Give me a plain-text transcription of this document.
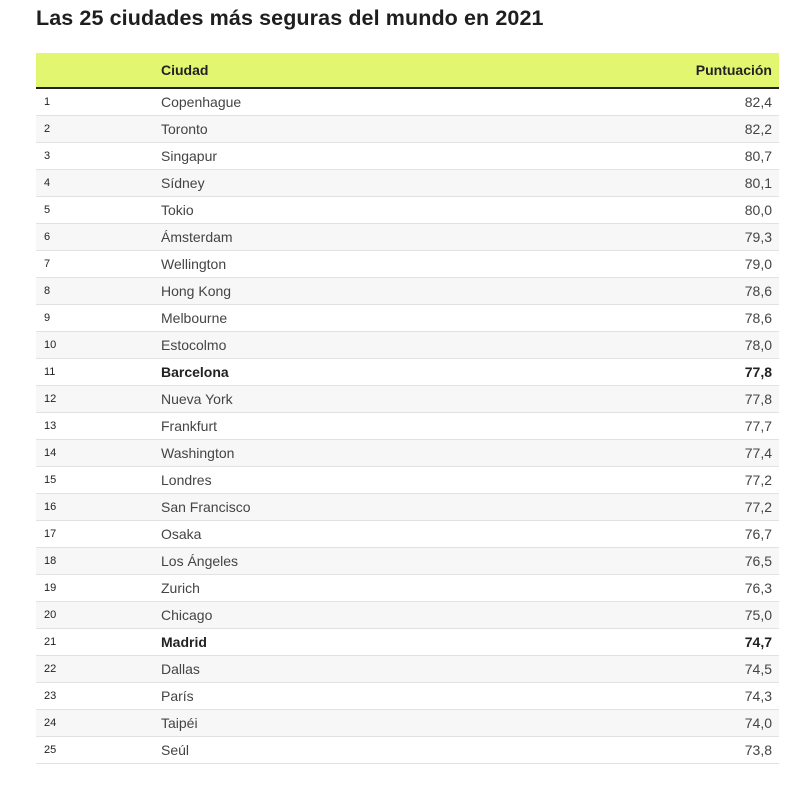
Las 25 ciudades más seguras del mundo en 2021
	Ciudad	Puntuación
1	Copenhague	82,4
2	Toronto	82,2
3	Singapur	80,7
4	Sídney	80,1
5	Tokio	80,0
6	Ámsterdam	79,3
7	Wellington	79,0
8	Hong Kong	78,6
9	Melbourne	78,6
10	Estocolmo	78,0
11	Barcelona	77,8
12	Nueva York	77,8
13	Frankfurt	77,7
14	Washington	77,4
15	Londres	77,2
16	San Francisco	77,2
17	Osaka	76,7
18	Los Ángeles	76,5
19	Zurich	76,3
20	Chicago	75,0
21	Madrid	74,7
22	Dallas	74,5
23	París	74,3
24	Taipéi	74,0
25	Seúl	73,8
